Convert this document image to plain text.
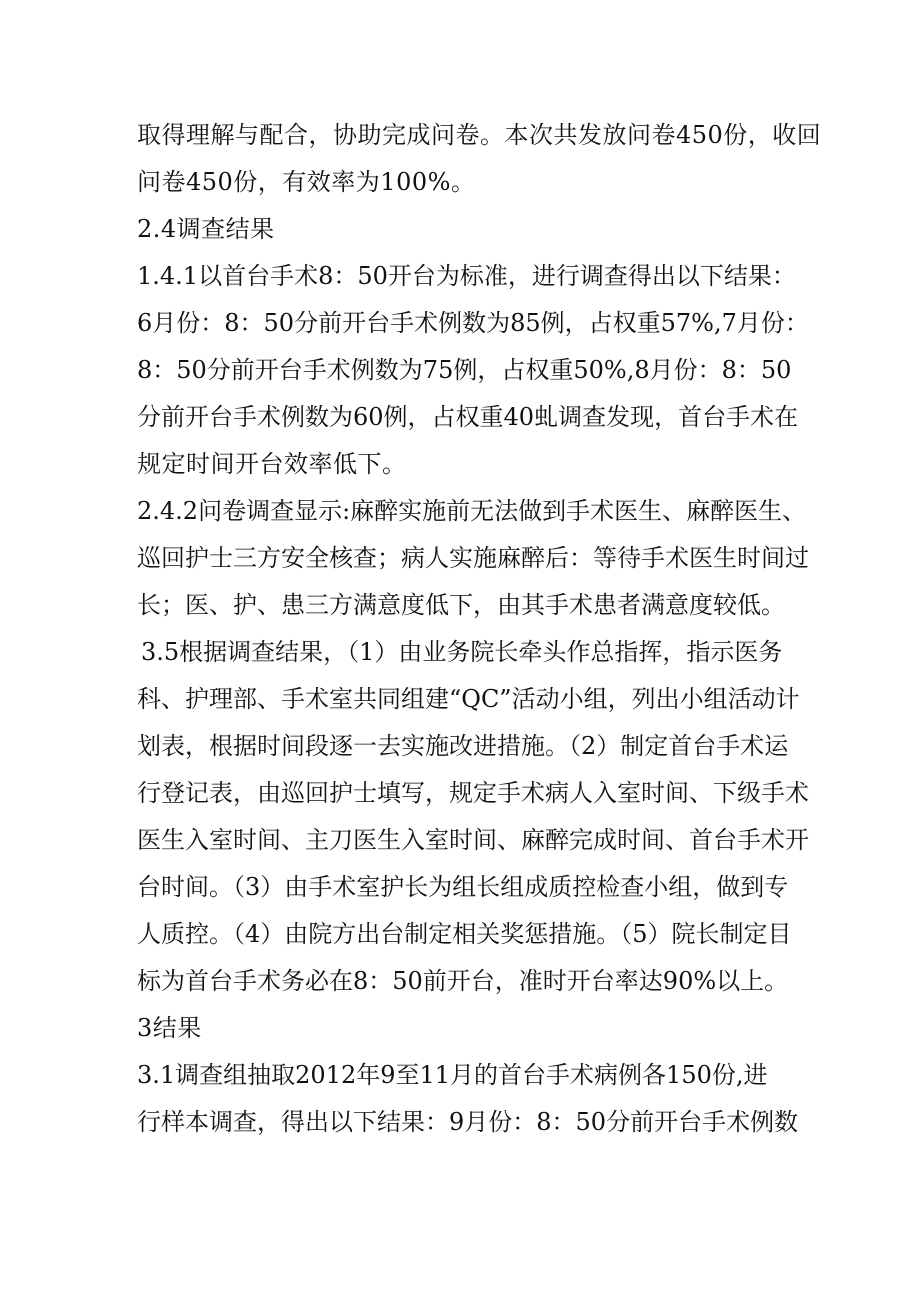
取得理解与配合，协助完成问卷。本次共发放问卷450份，收回
问卷450份，有效率为100%。
2.4调查结果
1.4.1以首台手术8：50开台为标准，进行调查得出以下结果：
6月份：8：50分前开台手术例数为85例，占权重57%,7月份：
8：50分前开台手术例数为75例，占权重50%,8月份：8：50
分前开台手术例数为60例，占权重40虬调查发现，首台手术在
规定时间开台效率低下。
2.4.2问卷调查显示:麻醉实施前无法做到手术医生、麻醉医生、
巡回护士三方安全核查；病人实施麻醉后：等待手术医生时间过
长；医、护、患三方满意度低下，由其手术患者满意度较低。
3.5根据调查结果，（1）由业务院长牵头作总指挥，指示医务
科、护理部、手术室共同组建“QC”活动小组，列出小组活动计
划表，根据时间段逐一去实施改进措施。（2）制定首台手术运
行登记表，由巡回护士填写，规定手术病人入室时间、下级手术
医生入室时间、主刀医生入室时间、麻醉完成时间、首台手术开
台时间。（3）由手术室护长为组长组成质控检查小组，做到专
人质控。（4）由院方出台制定相关奖惩措施。（5）院长制定目
标为首台手术务必在8：50前开台，准时开台率达90%以上。
3结果
3.1调查组抽取2012年9至11月的首台手术病例各150份,进
行样本调查，得出以下结果：9月份：8：50分前开台手术例数
